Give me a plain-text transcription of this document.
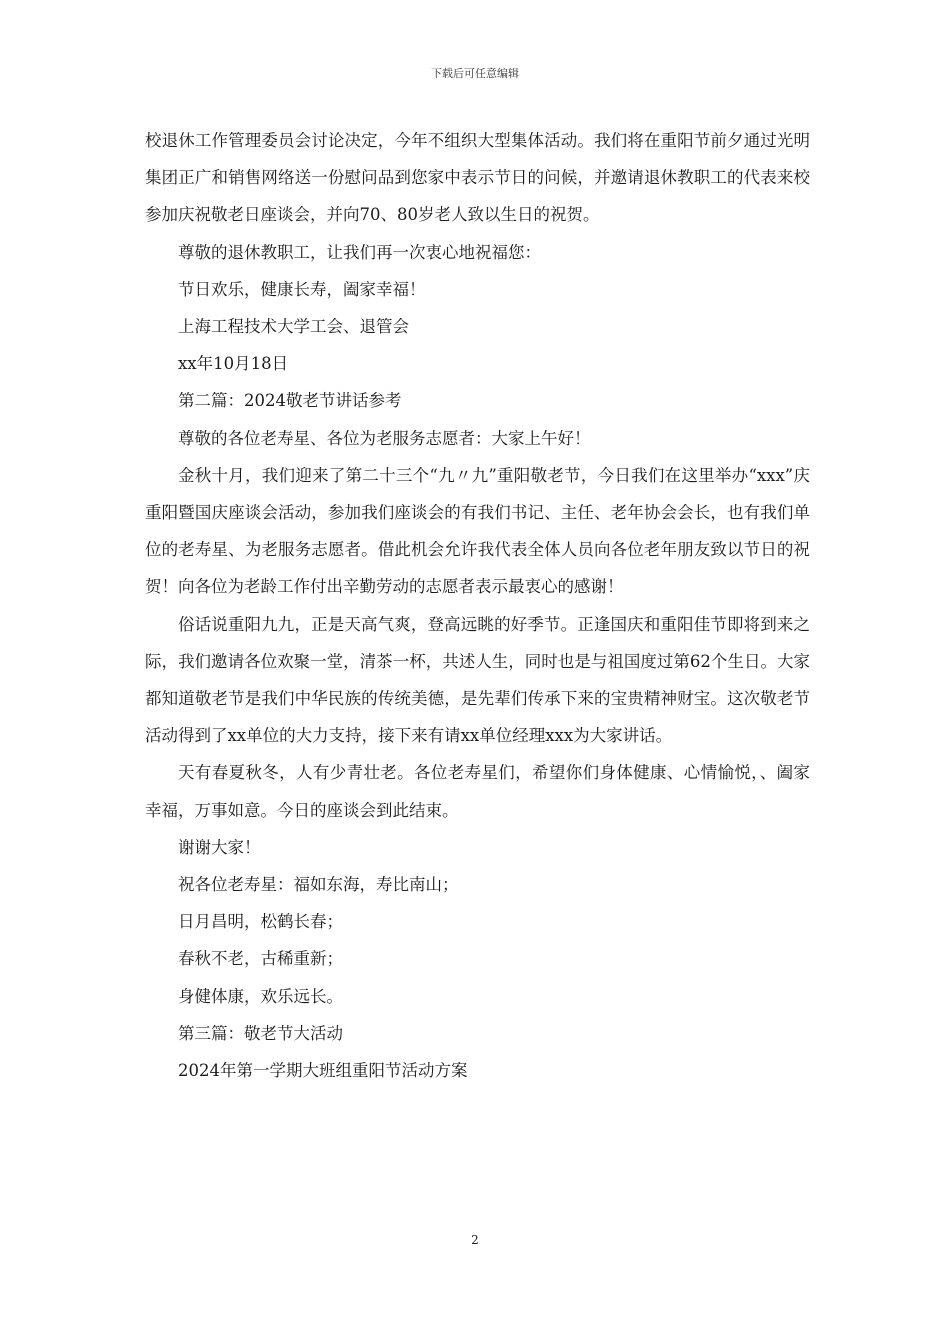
下载后可任意编辑

校退休工作管理委员会讨论决定，今年不组织大型集体活动。我们将在重阳节前夕通过光明集团正广和销售网络送一份慰问品到您家中表示节日的问候，并邀请退休教职工的代表来校参加庆祝敬老日座谈会，并向70、80岁老人致以生日的祝贺。

尊敬的退休教职工，让我们再一次衷心地祝福您：

节日欢乐，健康长寿，阖家幸福！

上海工程技术大学工会、退管会

xx年10月18日

第二篇：2024敬老节讲话参考

尊敬的各位老寿星、各位为老服务志愿者：大家上午好！

金秋十月，我们迎来了第二十三个“九〃九”重阳敬老节，今日我们在这里举办“xxx”庆重阳暨国庆座谈会活动，参加我们座谈会的有我们书记、主任、老年协会会长，也有我们单位的老寿星、为老服务志愿者。借此机会允许我代表全体人员向各位老年朋友致以节日的祝贺！向各位为老龄工作付出辛勤劳动的志愿者表示最衷心的感谢！

俗话说重阳九九，正是天高气爽，登高远眺的好季节。正逢国庆和重阳佳节即将到来之际，我们邀请各位欢聚一堂，清茶一杯，共述人生，同时也是与祖国度过第62个生日。大家都知道敬老节是我们中华民族的传统美德，是先辈们传承下来的宝贵精神财宝。这次敬老节活动得到了xx单位的大力支持，接下来有请xx单位经理xxx为大家讲话。

天有春夏秋冬，人有少青壮老。各位老寿星们，希望你们身体健康、心情愉悦，、阖家幸福，万事如意。今日的座谈会到此结束。

谢谢大家！

祝各位老寿星：福如东海，寿比南山；

日月昌明，松鹤长春；

春秋不老，古稀重新；

身健体康，欢乐远长。

第三篇：敬老节大活动

2024年第一学期大班组重阳节活动方案

2
